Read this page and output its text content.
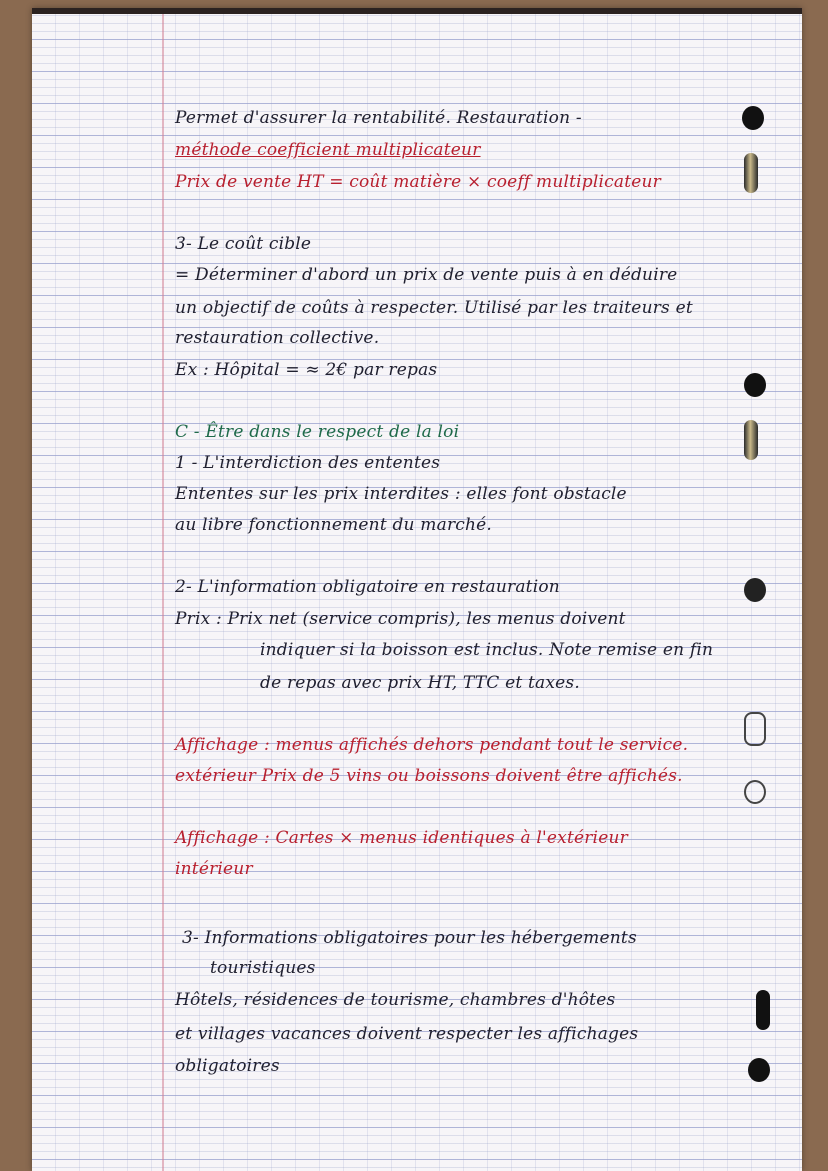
Permet d'assurer la rentabilité. Restauration -
méthode coefficient multiplicateur
Prix de vente HT = coût matière × coeff multiplicateur
3- Le coût cible
= Déterminer d'abord un prix de vente puis à en déduire
un objectif de coûts à respecter. Utilisé par les traiteurs et
restauration collective.
Ex : Hôpital = ≈ 2€ par repas
C - Être dans le respect de la loi
1 - L'interdiction des ententes
Ententes sur les prix interdites : elles font obstacle
au libre fonctionnement du marché.
2- L'information obligatoire en restauration
Prix : Prix net (service compris), les menus doivent
indiquer si la boisson est inclus. Note remise en fin
de repas avec prix HT, TTC et taxes.
Affichage : menus affichés dehors pendant tout le service.
extérieur Prix de 5 vins ou boissons doivent être affichés.
Affichage : Cartes × menus identiques à l'extérieur
intérieur
3- Informations obligatoires pour les hébergements
touristiques
Hôtels, résidences de tourisme, chambres d'hôtes
et villages vacances doivent respecter les affichages
obligatoires
